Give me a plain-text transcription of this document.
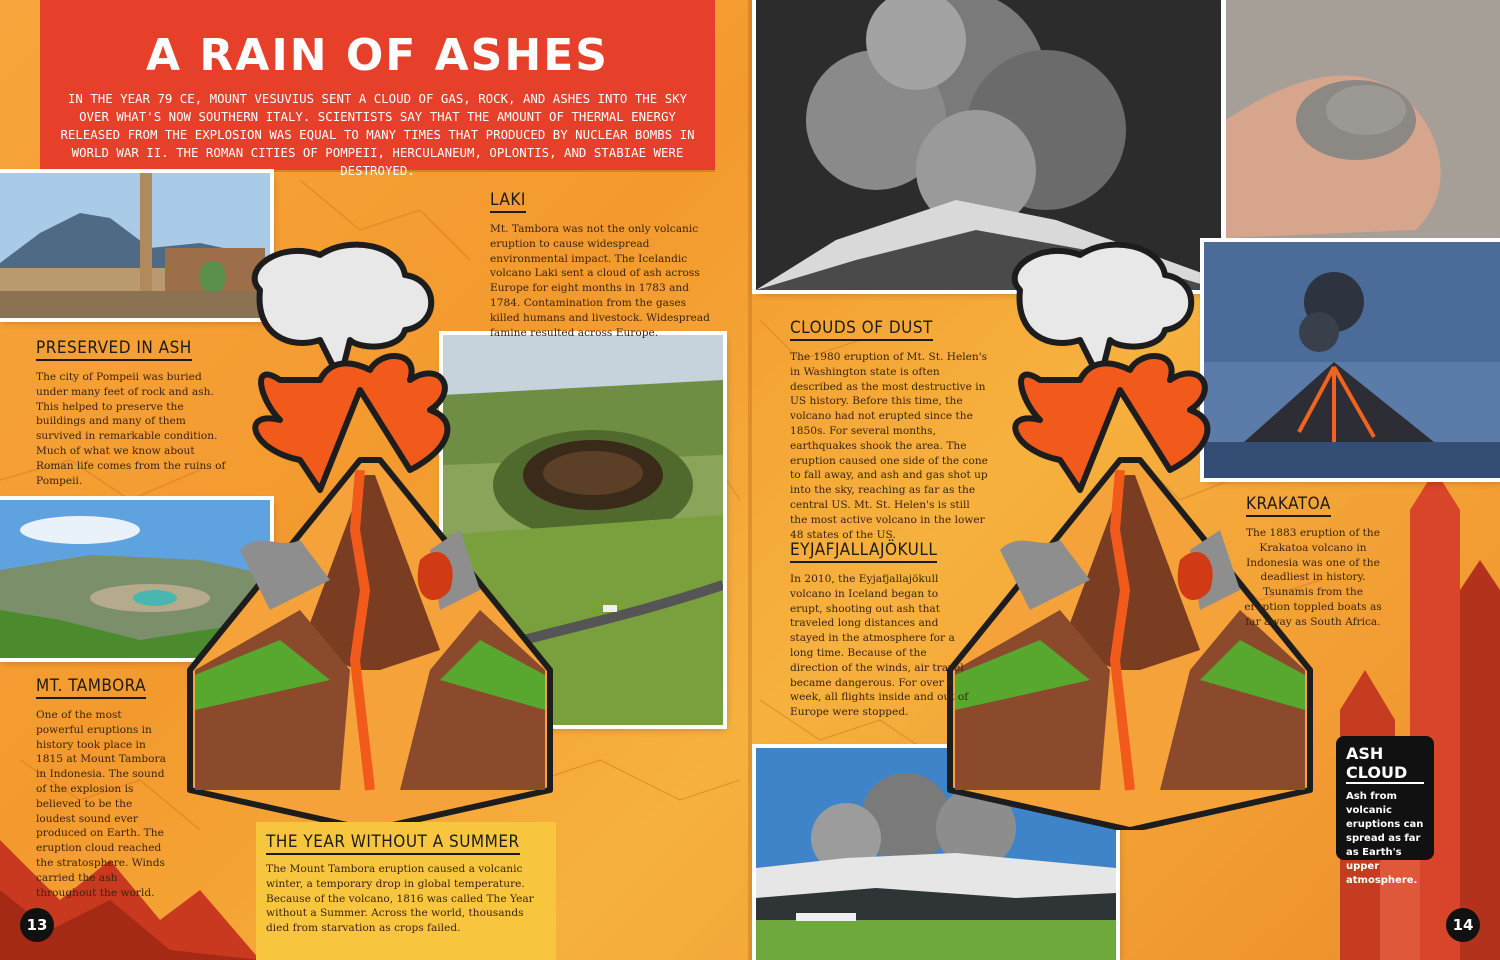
A RAIN OF ASHES
IN THE YEAR 79 CE, MOUNT VESUVIUS SENT A CLOUD OF GAS, ROCK, AND ASHES INTO THE SKY OVER WHAT'S NOW SOUTHERN ITALY. SCIENTISTS SAY THAT THE AMOUNT OF THERMAL ENERGY RELEASED FROM THE EXPLOSION WAS EQUAL TO MANY TIMES THAT PRODUCED BY NUCLEAR BOMBS IN WORLD WAR II. THE ROMAN CITIES OF POMPEII, HERCULANEUM, OPLONTIS, AND STABIAE WERE DESTROYED.
PRESERVED IN ASH
The city of Pompeii was buried under many feet of rock and ash. This helped to preserve the buildings and many of them survived in remarkable condition. Much of what we know about Roman life comes from the ruins of Pompeii.
LAKI
Mt. Tambora was not the only volcanic eruption to cause widespread environmental impact. The Icelandic volcano Laki sent a cloud of ash across Europe for eight months in 1783 and 1784. Contamination from the gases killed humans and livestock. Widespread famine resulted across Europe.
MT. TAMBORA
One of the most powerful eruptions in history took place in 1815 at Mount Tambora in Indonesia. The sound of the explosion is believed to be the loudest sound ever produced on Earth. The eruption cloud reached the stratosphere. Winds carried the ash throughout the world.
THE YEAR WITHOUT A SUMMER
The Mount Tambora eruption caused a volcanic winter, a temporary drop in global temperature. Because of the volcano, 1816 was called The Year without a Summer. Across the world, thousands died from starvation as crops failed.
CLOUDS OF DUST
The 1980 eruption of Mt. St. Helen's in Washington state is often described as the most destructive in US history. Before this time, the volcano had not erupted since the 1850s. For several months, earthquakes shook the area. The eruption caused one side of the cone to fall away, and ash and gas shot up into the sky, reaching as far as the central US. Mt. St. Helen's is still the most active volcano in the lower 48 states of the US.
EYJAFJALLAJÖKULL
In 2010, the Eyjafjallajökull volcano in Iceland began to erupt, shooting out ash that traveled long distances and stayed in the atmosphere for a long time. Because of the direction of the winds, air travel became dangerous. For over a week, all flights inside and out of Europe were stopped.
KRAKATOA
The 1883 eruption of the Krakatoa volcano in Indonesia was one of the deadliest in history. Tsunamis from the eruption toppled boats as far away as South Africa.
ASH CLOUD
Ash from volcanic eruptions can spread as far as Earth's upper atmosphere.
13	14
